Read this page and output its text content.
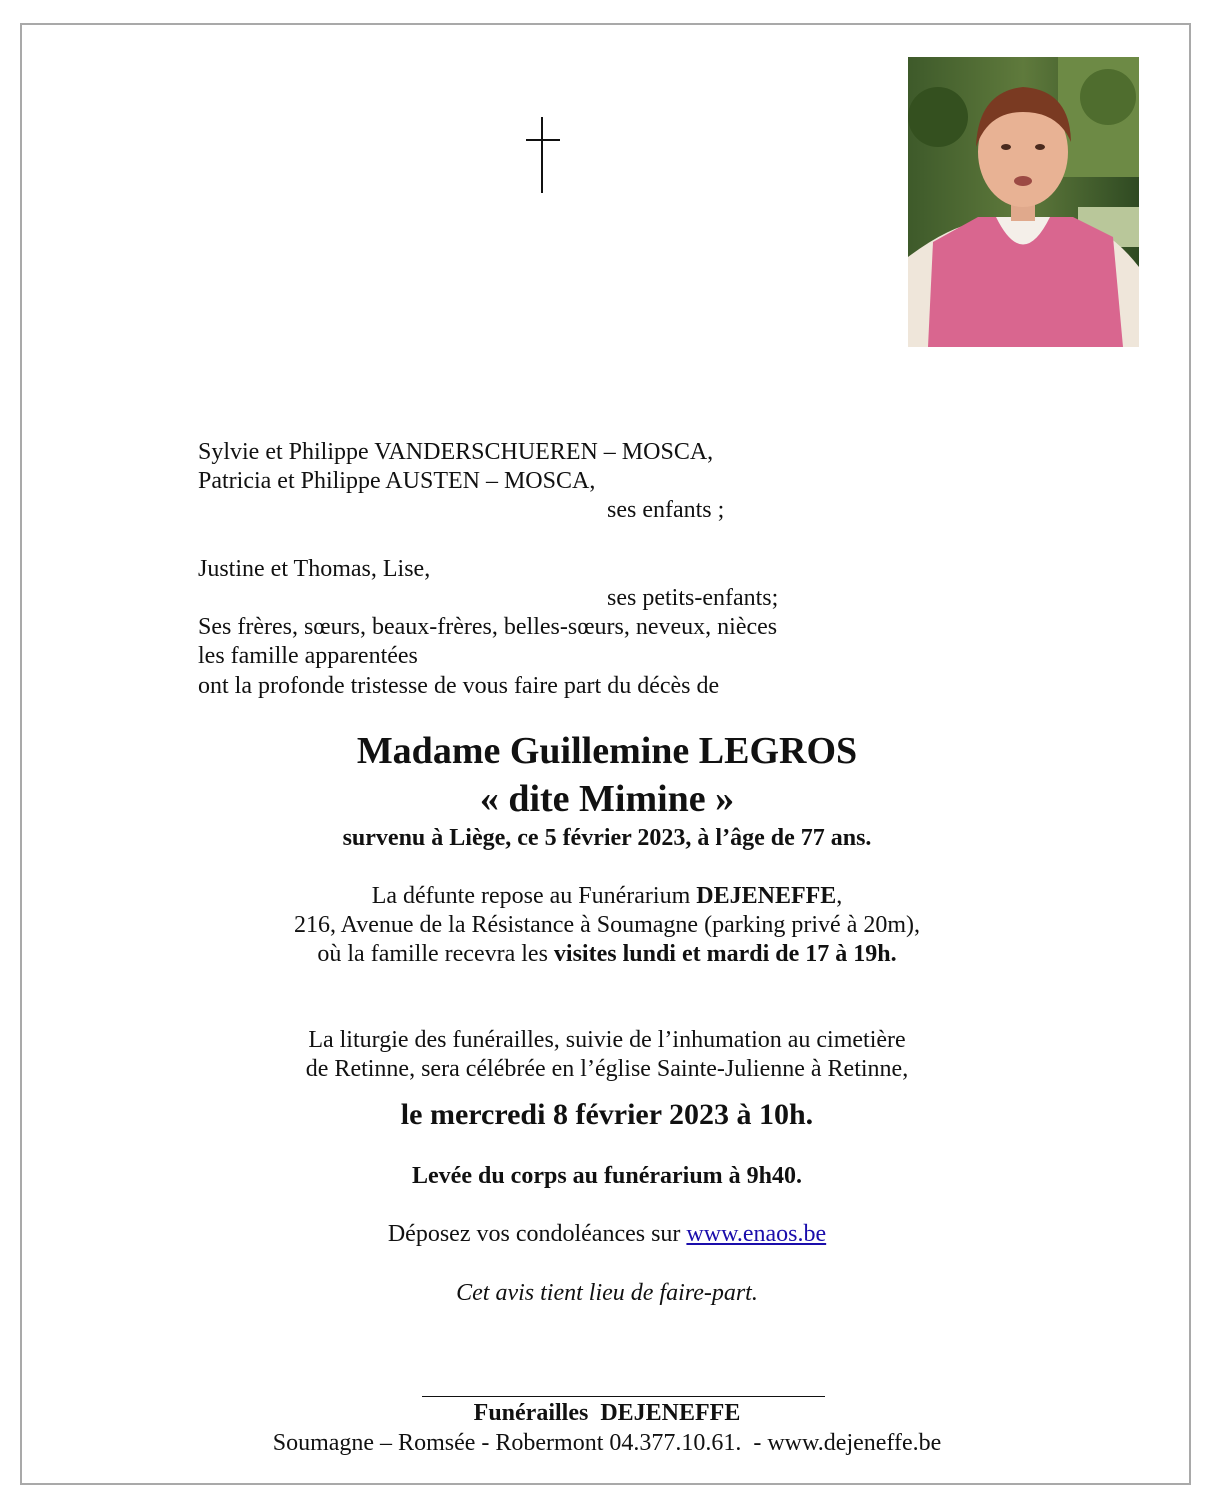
Sylvie et Philippe VANDERSCHUEREN – MOSCA,
Patricia et Philippe AUSTEN – MOSCA,
ses enfants ;
Justine et Thomas, Lise,
ses petits-enfants;
Ses frères, sœurs, beaux-frères, belles-sœurs, neveux, nièces
les famille apparentées
ont la profonde tristesse de vous faire part du décès de
Madame Guillemine LEGROS
« dite Mimine »
survenu à Liège, ce 5 février 2023, à l’âge de 77 ans.
La défunte repose au Funérarium DEJENEFFE,
216, Avenue de la Résistance à Soumagne (parking privé à 20m),
où la famille recevra les visites lundi et mardi de 17 à 19h.
La liturgie des funérailles, suivie de l’inhumation au cimetière
de Retinne, sera célébrée en l’église Sainte-Julienne à Retinne,
le mercredi 8 février 2023 à 10h.
Levée du corps au funérarium à 9h40.
Déposez vos condoléances sur www.enaos.be
Cet avis tient lieu de faire-part.
Funérailles  DEJENEFFE
Soumagne – Romsée - Robermont 04.377.10.61.  - www.dejeneffe.be
